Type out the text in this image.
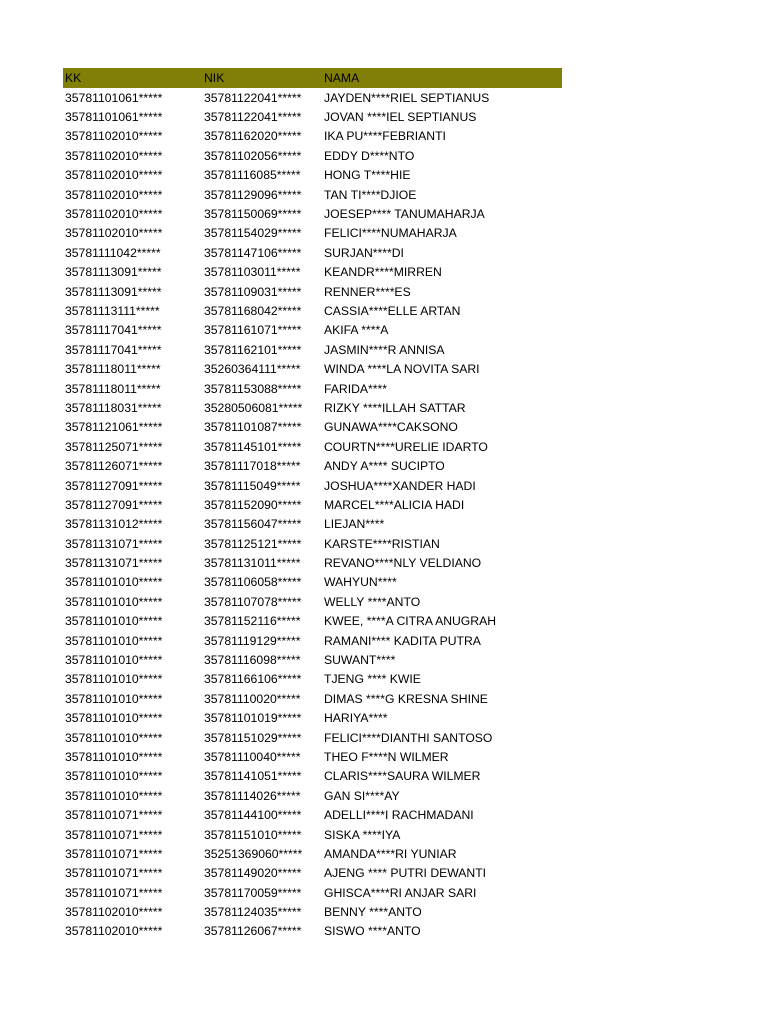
KK	NIK	NAMA
35781101061*****	35781122041*****	JAYDEN****RIEL SEPTIANUS
35781101061*****	35781122041*****	JOVAN ****IEL SEPTIANUS
35781102010*****	35781162020*****	IKA PU****FEBRIANTI
35781102010*****	35781102056*****	EDDY D****NTO
35781102010*****	35781116085*****	HONG T****HIE
35781102010*****	35781129096*****	TAN TI****DJIOE
35781102010*****	35781150069*****	JOESEP**** TANUMAHARJA
35781102010*****	35781154029*****	FELICI****NUMAHARJA
35781111042*****	35781147106*****	SURJAN****DI
35781113091*****	35781103011*****	KEANDR****MIRREN
35781113091*****	35781109031*****	RENNER****ES
35781113111*****	35781168042*****	CASSIA****ELLE ARTAN
35781117041*****	35781161071*****	AKIFA ****A
35781117041*****	35781162101*****	JASMIN****R ANNISA
35781118011*****	35260364111*****	WINDA ****LA NOVITA SARI
35781118011*****	35781153088*****	FARIDA****
35781118031*****	35280506081*****	RIZKY ****ILLAH SATTAR
35781121061*****	35781101087*****	GUNAWA****CAKSONO
35781125071*****	35781145101*****	COURTN****URELIE IDARTO
35781126071*****	35781117018*****	ANDY A**** SUCIPTO
35781127091*****	35781115049*****	JOSHUA****XANDER HADI
35781127091*****	35781152090*****	MARCEL****ALICIA HADI
35781131012*****	35781156047*****	LIEJAN****
35781131071*****	35781125121*****	KARSTE****RISTIAN
35781131071*****	35781131011*****	REVANO****NLY VELDIANO
35781101010*****	35781106058*****	WAHYUN****
35781101010*****	35781107078*****	WELLY ****ANTO
35781101010*****	35781152116*****	KWEE, ****A CITRA ANUGRAH
35781101010*****	35781119129*****	RAMANI**** KADITA PUTRA
35781101010*****	35781116098*****	SUWANT****
35781101010*****	35781166106*****	TJENG **** KWIE
35781101010*****	35781110020*****	DIMAS ****G KRESNA SHINE
35781101010*****	35781101019*****	HARIYA****
35781101010*****	35781151029*****	FELICI****DIANTHI SANTOSO
35781101010*****	35781110040*****	THEO F****N WILMER
35781101010*****	35781141051*****	CLARIS****SAURA WILMER
35781101010*****	35781114026*****	GAN SI****AY
35781101071*****	35781144100*****	ADELLI****I RACHMADANI
35781101071*****	35781151010*****	SISKA ****IYA
35781101071*****	35251369060*****	AMANDA****RI YUNIAR
35781101071*****	35781149020*****	AJENG **** PUTRI DEWANTI
35781101071*****	35781170059*****	GHISCA****RI ANJAR SARI
35781102010*****	35781124035*****	BENNY ****ANTO
35781102010*****	35781126067*****	SISWO ****ANTO
